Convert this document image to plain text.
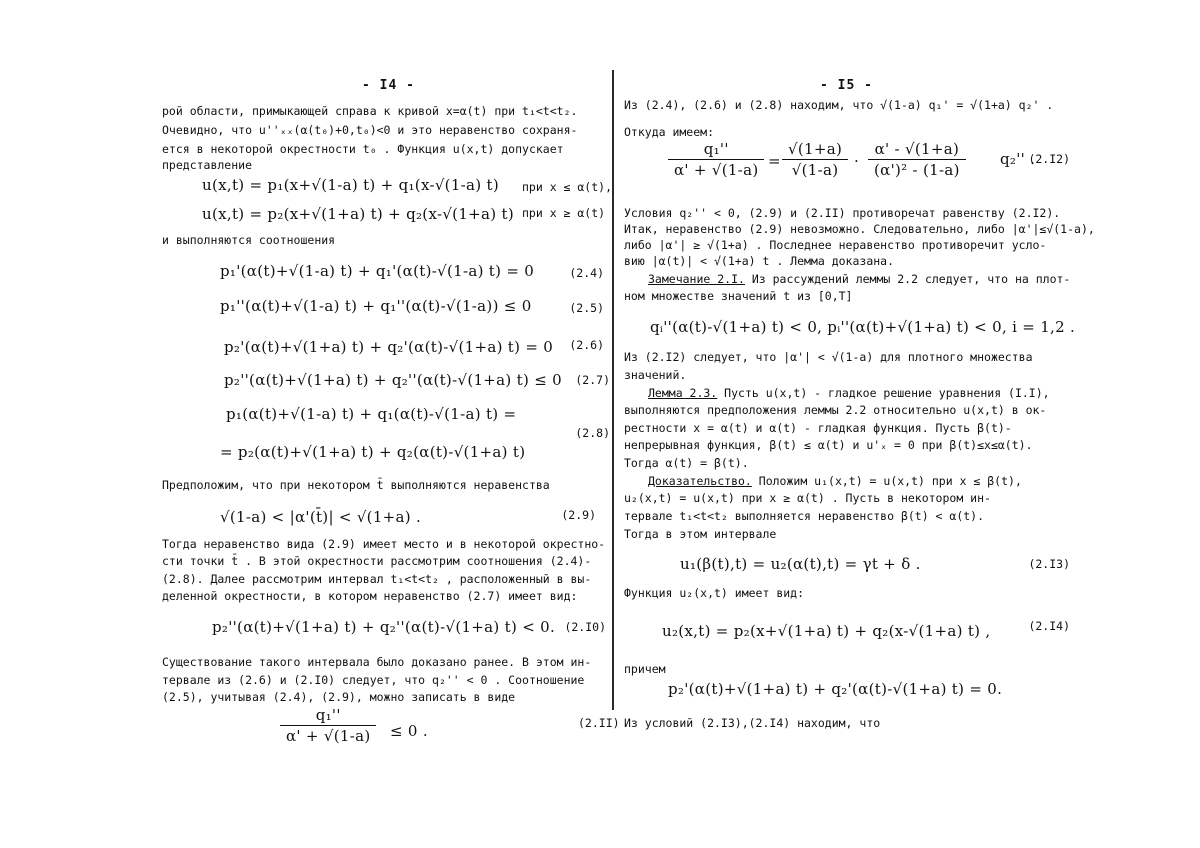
- I4 -
рой области, примыкающей справа к кривой x=α(t) при t₁<t<t₂.
Очевидно, что u''ₓₓ(α(t₀)+0,t₀)<0 и это неравенство сохраня-
ется в некоторой окрестности t₀ . Функция u(x,t) допускает
представление
u(x,t) = p₁(x+√(1-a) t) + q₁(x-√(1-a) t) при x ≤ α(t),
u(x,t) = p₂(x+√(1+a) t) + q₂(x-√(1+a) t) при x ≥ α(t)
и выполняются соотношения
p₁'(α(t)+√(1-a) t) + q₁'(α(t)-√(1-a) t) = 0	(2.4)
p₁''(α(t)+√(1-a) t) + q₁''(α(t)-√(1-a)) ≤ 0	(2.5)
p₂'(α(t)+√(1+a) t) + q₂'(α(t)-√(1+a) t) = 0 (2.6)
p₂''(α(t)+√(1+a) t) + q₂''(α(t)-√(1+a) t) ≤ 0 (2.7)
p₁(α(t)+√(1-a) t) + q₁(α(t)-√(1-a) t) =
= p₂(α(t)+√(1+a) t) + q₂(α(t)-√(1+a) t)
(2.8)
Предположим, что при некотором t̄ выполняются неравенства
√(1-a) < |α'(t̄)| < √(1+a) .	(2.9)
Тогда неравенство вида (2.9) имеет место и в некоторой окрестно-
сти точки t̄ . В этой окрестности рассмотрим соотношения (2.4)-
(2.8). Далее рассмотрим интервал t₁<t<t₂ , расположенный в вы-
деленной окрестности, в котором неравенство (2.7) имеет вид:
p₂''(α(t)+√(1+a) t) + q₂''(α(t)-√(1+a) t) < 0. (2.I0)
Существование такого интервала было доказано ранее. В этом ин-
тервале из (2.6) и (2.I0) следует, что q₂'' < 0 . Соотношение
(2.5), учитывая (2.4), (2.9), можно записать в виде
$\frac{\text{q₁''}}{\alpha' + √(1-a)} \le 0$ .	(2.II)
- I5 -
Из (2.4), (2.6) и (2.8) находим, что √(1-a) q₁' = √(1+a) q₂' .
Откуда имеем:
$\frac{\text{q₁''}}{\alpha' + √(1-a)} = \frac{√(1+a)}{√(1-a)} \cdot \frac{\alpha' - √(1+a)}{\text{(α')² - (1-a)}} q_2''$ .
(2.I2)
Условия q₂'' < 0, (2.9) и (2.II) противоречат равенству (2.I2).
Итак, неравенство (2.9) невозможно. Следовательно, либо |α'|≤√(1-a),
либо |α'| ≥ √(1+a) . Последнее неравенство противоречит усло-
вию |α(t)| < √(1+a) t . Лемма доказана.
Замечание 2.I. Из рассуждений леммы 2.2 следует, что на плот-
ном множестве значений t из [0,T]
qᵢ''(α(t)-√(1+a) t) < 0, pᵢ''(α(t)+√(1+a) t) < 0, i = 1,2 .
Из (2.I2) следует, что |α'| < √(1-a) для плотного множества
значений.
Лемма 2.3. Пусть u(x,t) - гладкое решение уравнения (I.I),
выполняются предположения леммы 2.2 относительно u(x,t) в ок-
рестности x = α(t) и α(t) - гладкая функция. Пусть β(t)-
непрерывная функция, β(t) ≤ α(t) и u'ₓ = 0 при β(t)≤x≤α(t).
Тогда α(t) = β(t).
Доказательство. Положим u₁(x,t) = u(x,t) при x ≤ β(t),
u₂(x,t) = u(x,t) при x ≥ α(t) . Пусть в некотором ин-
тервале t₁<t<t₂ выполняется неравенство β(t) < α(t).
Тогда в этом интервале
u₁(β(t),t) = u₂(α(t),t) = γt + δ .	(2.I3)
Функция u₂(x,t) имеет вид:
u₂(x,t) = p₂(x+√(1+a) t) + q₂(x-√(1+a) t) ,	(2.I4)
причем
p₂'(α(t)+√(1+a) t) + q₂'(α(t)-√(1+a) t) = 0.
Из условий (2.I3),(2.I4) находим, что
